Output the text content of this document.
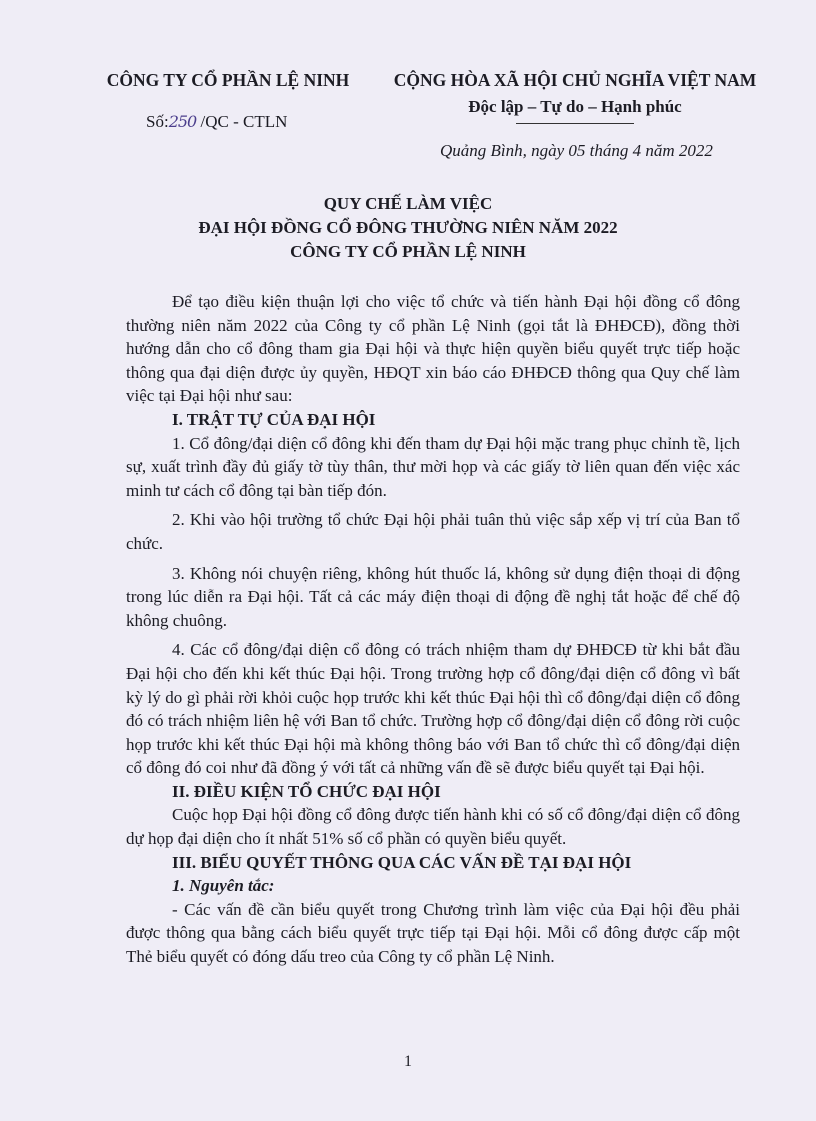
CÔNG TY CỔ PHẦN LỆ NINH	CỘNG HÒA XÃ HỘI CHỦ NGHĨA VIỆT NAM
Độc lập – Tự do – Hạnh phúc
Số:250 /QC - CTLN
Quảng Bình, ngày 05 tháng 4 năm 2022
QUY CHẾ LÀM VIỆC
ĐẠI HỘI ĐỒNG CỔ ĐÔNG THƯỜNG NIÊN NĂM 2022
CÔNG TY CỔ PHẦN LỆ NINH

Để tạo điều kiện thuận lợi cho việc tổ chức và tiến hành Đại hội đồng cổ đông thường niên năm 2022 của Công ty cổ phần Lệ Ninh (gọi tắt là ĐHĐCĐ), đồng thời hướng dẫn cho cổ đông tham gia Đại hội và thực hiện quyền biểu quyết trực tiếp hoặc thông qua đại diện được ủy quyền, HĐQT xin báo cáo ĐHĐCĐ thông qua Quy chế làm việc tại Đại hội như sau:

I. TRẬT TỰ CỦA ĐẠI HỘI

1. Cổ đông/đại diện cổ đông khi đến tham dự Đại hội mặc trang phục chỉnh tề, lịch sự, xuất trình đầy đủ giấy tờ tùy thân, thư mời họp và các giấy tờ liên quan đến việc xác minh tư cách cổ đông tại bàn tiếp đón.

2. Khi vào hội trường tổ chức Đại hội phải tuân thủ việc sắp xếp vị trí của Ban tổ chức.

3. Không nói chuyện riêng, không hút thuốc lá, không sử dụng điện thoại di động trong lúc diễn ra Đại hội. Tất cả các máy điện thoại di động đề nghị tắt hoặc để chế độ không chuông.

4. Các cổ đông/đại diện cổ đông có trách nhiệm tham dự ĐHĐCĐ từ khi bắt đầu Đại hội cho đến khi kết thúc Đại hội. Trong trường hợp cổ đông/đại diện cổ đông vì bất kỳ lý do gì phải rời khỏi cuộc họp trước khi kết thúc Đại hội thì cổ đông/đại diện cổ đông đó có trách nhiệm liên hệ với Ban tổ chức. Trường hợp cổ đông/đại diện cổ đông rời cuộc họp trước khi kết thúc Đại hội mà không thông báo với Ban tổ chức thì cổ đông/đại diện cổ đông đó coi như đã đồng ý với tất cả những vấn đề sẽ được biểu quyết tại Đại hội.

II. ĐIỀU KIỆN TỔ CHỨC ĐẠI HỘI

Cuộc họp Đại hội đồng cổ đông được tiến hành khi có số cổ đông/đại diện cổ đông dự họp đại diện cho ít nhất 51% số cổ phần có quyền biểu quyết.

III. BIỂU QUYẾT THÔNG QUA CÁC VẤN ĐỀ TẠI ĐẠI HỘI

1. Nguyên tắc:

- Các vấn đề cần biểu quyết trong Chương trình làm việc của Đại hội đều phải được thông qua bằng cách biểu quyết trực tiếp tại Đại hội. Mỗi cổ đông được cấp một Thẻ biểu quyết có đóng dấu treo của Công ty cổ phần Lệ Ninh.

1
